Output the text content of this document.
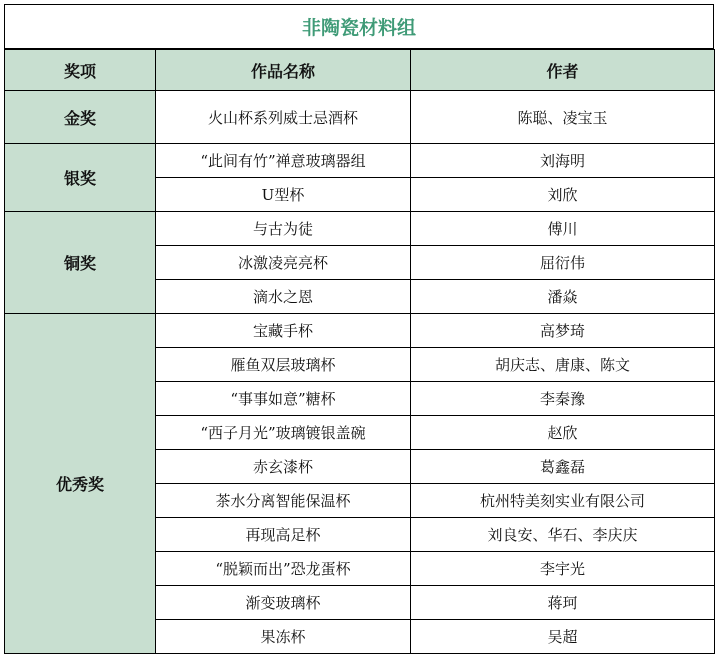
非陶瓷材料组
奖项	作品名称	作者
金奖	火山杯系列威士忌酒杯	陈聪、凌宝玉
银奖	“此间有竹”禅意玻璃器组	刘海明
	U型杯	刘欣
铜奖	与古为徒	傅川
	冰激凌亮亮杯	屈衍伟
	滴水之恩	潘焱
优秀奖	宝藏手杯	高梦琦
	雁鱼双层玻璃杯	胡庆志、唐康、陈文
	“事事如意”糖杯	李秦豫
	“西子月光”玻璃镀银盖碗	赵欣
	赤玄漆杯	葛鑫磊
	茶水分离智能保温杯	杭州特美刻实业有限公司
	再现高足杯	刘良安、华石、李庆庆
	“脱颖而出”恐龙蛋杯	李宇光
	渐变玻璃杯	蒋珂
	果冻杯	吴超
